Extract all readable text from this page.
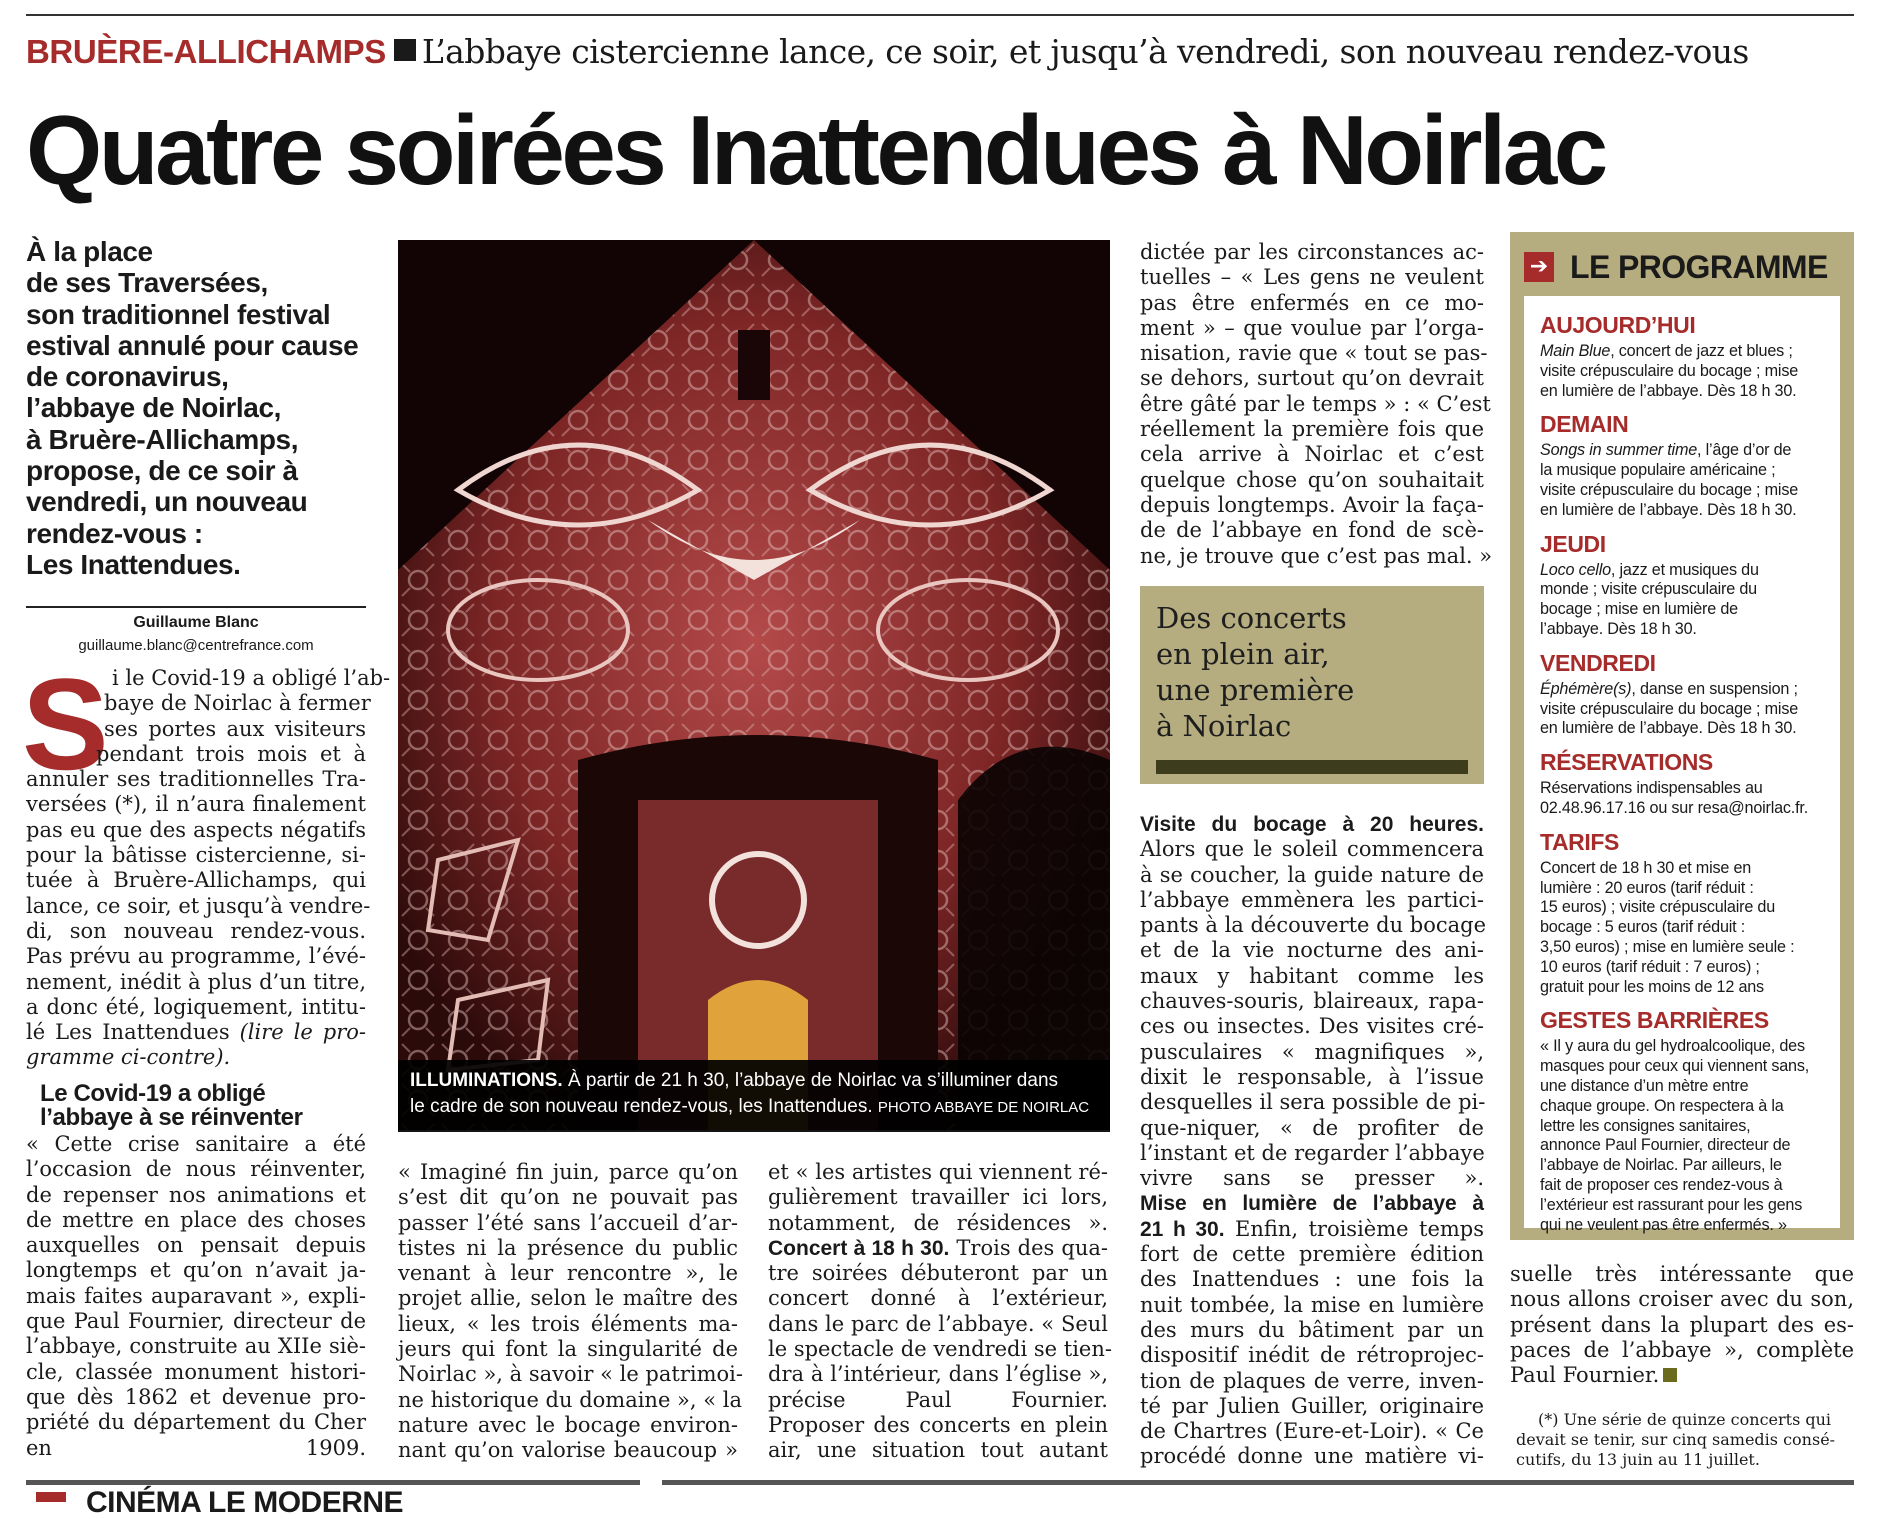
BRUÈRE-ALLICHAMPS L’abbaye cistercienne lance, ce soir, et jusqu’à vendredi, son nouveau rendez-vous
Quatre soirées Inattendues à Noirlac
À la place
de ses Traversées,
son traditionnel festival
estival annulé pour cause
de coronavirus,
l’abbaye de Noirlac,
à Bruère-Allichamps,
propose, de ce soir à
vendredi, un nouveau
rendez-vous :
Les Inattendues.
Guillaume Blanc
guillaume.blanc@centrefrance.com
S i le Covid-19 a obligé l’ab-
baye de Noirlac à fermer
ses portes aux visiteurs
pendant trois mois et à
annuler ses traditionnelles Tra-
versées (*), il n’aura finalement
pas eu que des aspects négatifs
pour la bâtisse cistercienne, si-
tuée à Bruère-Allichamps, qui
lance, ce soir, et jusqu’à vendre-
di, son nouveau rendez-vous.
Pas prévu au programme, l’évé-
nement, inédit à plus d’un titre,
a donc été, logiquement, intitu-
lé Les Inattendues (lire le pro-
gramme ci-contre).
Le Covid-19 a obligé
l’abbaye à se réinventer
« Cette crise sanitaire a été
l’occasion de nous réinventer,
de repenser nos animations et
de mettre en place des choses
auxquelles on pensait depuis
longtemps et qu’on n’avait ja-
mais faites auparavant », expli-
que Paul Fournier, directeur de
l’abbaye, construite au XIIe siè-
cle, classée monument histori-
que dès 1862 et devenue pro-
priété du département du Cher
en 1909.
ILLUMINATIONS. À partir de 21 h 30, l’abbaye de Noirlac va s’illuminer dans
le cadre de son nouveau rendez-vous, les Inattendues. PHOTO ABBAYE DE NOIRLAC
« Imaginé fin juin, parce qu’on
s’est dit qu’on ne pouvait pas
passer l’été sans l’accueil d’ar-
tistes ni la présence du public
venant à leur rencontre », le
projet allie, selon le maître des
lieux, « les trois éléments ma-
jeurs qui font la singularité de
Noirlac », à savoir « le patrimoi-
ne historique du domaine », « la
nature avec le bocage environ-
nant qu’on valorise beaucoup »
et « les artistes qui viennent ré-
gulièrement travailler ici lors,
notamment, de résidences ».
Concert à 18 h 30. Trois des qua-
tre soirées débuteront par un
concert donné à l’extérieur,
dans le parc de l’abbaye. « Seul
le spectacle de vendredi se tien-
dra à l’intérieur, dans l’église »,
précise Paul Fournier.
Proposer des concerts en plein
air, une situation tout autant
dictée par les circonstances ac-
tuelles – « Les gens ne veulent
pas être enfermés en ce mo-
ment » – que voulue par l’orga-
nisation, ravie que « tout se pas-
se dehors, surtout qu’on devrait
être gâté par le temps » : « C’est
réellement la première fois que
cela arrive à Noirlac et c’est
quelque chose qu’on souhaitait
depuis longtemps. Avoir la faça-
de de l’abbaye en fond de scè-
ne, je trouve que c’est pas mal. »
Des concerts
en plein air,
une première
à Noirlac
Visite du bocage à 20 heures.
Alors que le soleil commencera
à se coucher, la guide nature de
l’abbaye emmènera les partici-
pants à la découverte du bocage
et de la vie nocturne des ani-
maux y habitant comme les
chauves-souris, blaireaux, rapa-
ces ou insectes. Des visites cré-
pusculaires « magnifiques »,
dixit le responsable, à l’issue
desquelles il sera possible de pi-
que-niquer, « de profiter de
l’instant et de regarder l’abbaye
vivre sans se presser ».
Mise en lumière de l’abbaye à
21 h 30. Enfin, troisième temps
fort de cette première édition
des Inattendues : une fois la
nuit tombée, la mise en lumière
des murs du bâtiment par un
dispositif inédit de rétroprojec-
tion de plaques de verre, inven-
té par Julien Guiller, originaire
de Chartres (Eure-et-Loir). « Ce
procédé donne une matière vi-
➔ LE PROGRAMME
AUJOURD’HUI
Main Blue, concert de jazz et blues ;
visite crépusculaire du bocage ; mise
en lumière de l’abbaye. Dès 18 h 30.
DEMAIN
Songs in summer time, l’âge d’or de
la musique populaire américaine ;
visite crépusculaire du bocage ; mise
en lumière de l’abbaye. Dès 18 h 30.
JEUDI
Loco cello, jazz et musiques du
monde ; visite crépusculaire du
bocage ; mise en lumière de
l’abbaye. Dès 18 h 30.
VENDREDI
Éphémère(s), danse en suspension ;
visite crépusculaire du bocage ; mise
en lumière de l’abbaye. Dès 18 h 30.
RÉSERVATIONS
Réservations indispensables au
02.48.96.17.16 ou sur resa@noirlac.fr.
TARIFS
Concert de 18 h 30 et mise en
lumière : 20 euros (tarif réduit :
15 euros) ; visite crépusculaire du
bocage : 5 euros (tarif réduit :
3,50 euros) ; mise en lumière seule :
10 euros (tarif réduit : 7 euros) ;
gratuit pour les moins de 12 ans
GESTES BARRIÈRES
« Il y aura du gel hydroalcoolique, des
masques pour ceux qui viennent sans,
une distance d’un mètre entre
chaque groupe. On respectera à la
lettre les consignes sanitaires,
annonce Paul Fournier, directeur de
l’abbaye de Noirlac. Par ailleurs, le
fait de proposer ces rendez-vous à
l’extérieur est rassurant pour les gens
qui ne veulent pas être enfermés. »
suelle très intéressante que
nous allons croiser avec du son,
présent dans la plupart des es-
paces de l’abbaye », complète
Paul Fournier.
(*) Une série de quinze concerts qui
devait se tenir, sur cinq samedis consé-
cutifs, du 13 juin au 11 juillet.
CINÉMA LE MODERNE
